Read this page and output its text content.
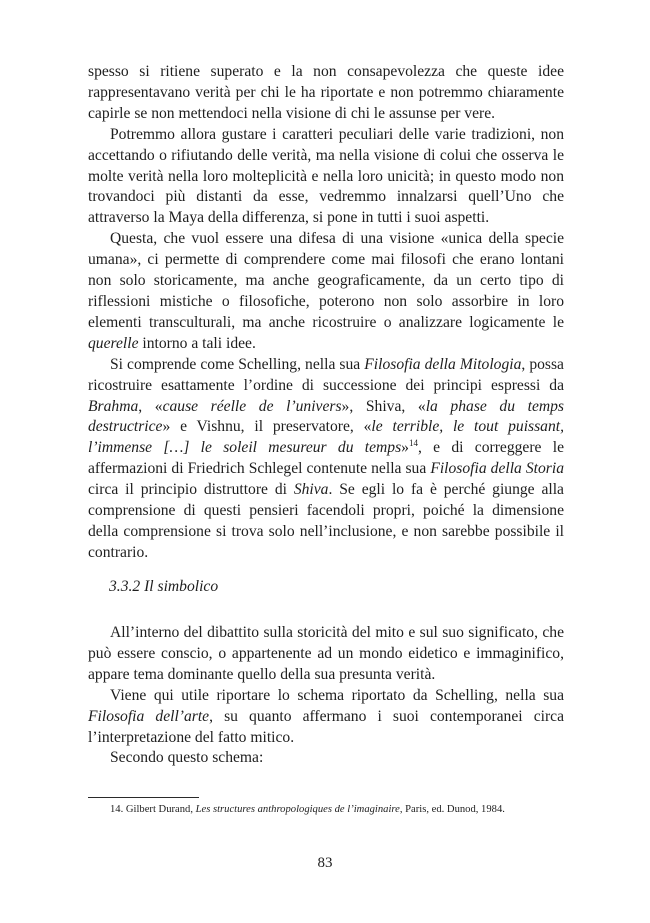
spesso si ritiene superato e la non consapevolezza che queste idee rappresentavano verità per chi le ha riportate e non potremmo chiaramente capirle se non mettendoci nella visione di chi le assunse per vere.

Potremmo allora gustare i caratteri peculiari delle varie tradizioni, non accettando o rifiutando delle verità, ma nella visione di colui che osserva le molte verità nella loro molteplicità e nella loro unicità; in questo modo non trovandoci più distanti da esse, vedremmo innalzarsi quell’Uno che attraverso la Maya della differenza, si pone in tutti i suoi aspetti.

Questa, che vuol essere una difesa di una visione «unica della specie umana», ci permette di comprendere come mai filosofi che erano lontani non solo storicamente, ma anche geograficamente, da un certo tipo di riflessioni mistiche o filosofiche, poterono non solo assorbire in loro elementi transculturali, ma anche ricostruire o analizzare logicamente le querelle intorno a tali idee.

Si comprende come Schelling, nella sua Filosofia della Mitologia, possa ricostruire esattamente l’ordine di successione dei principi espressi da Brahma, «cause réelle de l’univers», Shiva, «la phase du temps destructrice» e Vishnu, il preservatore, «le terrible, le tout puissant, l’immense […] le soleil mesureur du temps»$^{14}$, e di correggere le affermazioni di Friedrich Schlegel contenute nella sua Filosofia della Storia circa il principio distruttore di Shiva. Se egli lo fa è perché giunge alla comprensione di questi pensieri facendoli propri, poiché la dimensione della comprensione si trova solo nell’inclusione, e non sarebbe possibile il contrario.

3.3.2 Il simbolico

All’interno del dibattito sulla storicità del mito e sul suo significato, che può essere conscio, o appartenente ad un mondo eidetico e immaginifico, appare tema dominante quello della sua presunta verità.

Viene qui utile riportare lo schema riportato da Schelling, nella sua Filosofia dell’arte, su quanto affermano i suoi contemporanei circa l’interpretazione del fatto mitico.

Secondo questo schema:

14. Gilbert Durand, Les structures anthropologiques de l’imaginaire, Paris, ed. Dunod, 1984.
83
